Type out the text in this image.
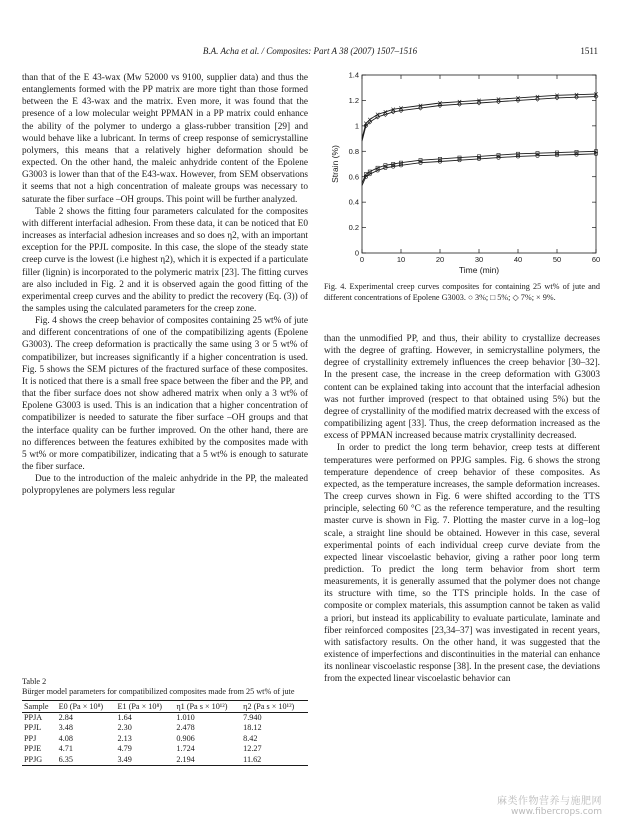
B.A. Acha et al. / Composites: Part A 38 (2007) 1507–1516	1511

than that of the E 43-wax (Mw 52000 vs 9100, supplier data) and thus the entanglements formed with the PP matrix are more tight than those formed between the E 43-wax and the matrix. Even more, it was found that the presence of a low molecular weight PPMAN in a PP matrix could enhance the ability of the polymer to undergo a glass-rubber transition [29] and would behave like a lubricant. In terms of creep response of semicrystalline polymers, this means that a relatively higher deformation should be expected. On the other hand, the maleic anhydride content of the Epolene G3003 is lower than that of the E43-wax. However, from SEM observations it seems that not a high concentration of maleate groups was necessary to saturate the fiber surface –OH groups. This point will be further analyzed.

Table 2 shows the fitting four parameters calculated for the composites with different interfacial adhesion. From these data, it can be noticed that E0 increases as interfacial adhesion increases and so does η2, with an important exception for the PPJL composite. In this case, the slope of the steady state creep curve is the lowest (i.e highest η2), which it is expected if a particulate filler (lignin) is incorporated to the polymeric matrix [23]. The fitting curves are also included in Fig. 2 and it is observed again the good fitting of the experimental creep curves and the ability to predict the recovery (Eq. (3)) of the samples using the calculated parameters for the creep zone.

Fig. 4 shows the creep behavior of composites containing 25 wt% of jute and different concentrations of one of the compatibilizing agents (Epolene G3003). The creep deformation is practically the same using 3 or 5 wt% of compatibilizer, but increases significantly if a higher concentration is used. Fig. 5 shows the SEM pictures of the fractured surface of these composites. It is noticed that there is a small free space between the fiber and the PP, and that the fiber surface does not show adhered matrix when only a 3 wt% of Epolene G3003 is used. This is an indication that a higher concentration of compatibilizer is needed to saturate the fiber surface –OH groups and that the interface quality can be further improved. On the other hand, there are no differences between the features exhibited by the composites made with 5 wt% or more compatibilizer, indicating that a 5 wt% is enough to saturate the fiber surface.

Due to the introduction of the maleic anhydride in the PP, the maleated polypropylenes are polymers less regular

0	10	20	30	40	50	60
0
0.2
0.4
0.6
0.8
1
1.2
1.4
Time (min)
Strain (%)
Fig. 4. Experimental creep curves composites for containing 25 wt% of jute and different concentrations of Epolene G3003. ○ 3%; □ 5%; ◇ 7%; × 9%.

than the unmodified PP, and thus, their ability to crystallize decreases with the degree of grafting. However, in semicrystalline polymers, the degree of crystallinity extremely influences the creep behavior [30–32]. In the present case, the increase in the creep deformation with G3003 content can be explained taking into account that the interfacial adhesion was not further improved (respect to that obtained using 5%) but the degree of crystallinity of the modified matrix decreased with the excess of compatibilizing agent [33]. Thus, the creep deformation increased as the excess of PPMAN increased because matrix crystallinity decreased.

In order to predict the long term behavior, creep tests at different temperatures were performed on PPJG samples. Fig. 6 shows the strong temperature dependence of creep behavior of these composites. As expected, as the temperature increases, the sample deformation increases. The creep curves shown in Fig. 6 were shifted according to the TTS principle, selecting 60 °C as the reference temperature, and the resulting master curve is shown in Fig. 7. Plotting the master curve in a log–log scale, a straight line should be obtained. However in this case, several experimental points of each individual creep curve deviate from the expected linear viscoelastic behavior, giving a rather poor long term prediction. To predict the long term behavior from short term measurements, it is generally assumed that the polymer does not change its structure with time, so the TTS principle holds. In the case of composite or complex materials, this assumption cannot be taken as valid a priori, but instead its applicability to evaluate particulate, laminate and fiber reinforced composites [23,34–37] was investigated in recent years, with satisfactory results. On the other hand, it was suggested that the existence of imperfections and discontinuities in the material can enhance its nonlinear viscoelastic response [38]. In the present case, the deviations from the expected linear viscoelastic behavior can

Table 2
Bürger model parameters for compatibilized composites made from 25 wt% of jute
Sample	E0 (Pa × 10⁸)	E1 (Pa × 10⁸)	η1 (Pa s × 10¹²)	η2 (Pa s × 10¹²)
PPJA	2.84	1.64	1.010	7.940
PPJL	3.48	2.30	2.478	18.12
PPJ	4.08	2.13	0.906	8.42
PPJE	4.71	4.79	1.724	12.27
PPJG	6.35	3.49	2.194	11.62
麻类作物营养与施肥网
www.fibercrops.com
